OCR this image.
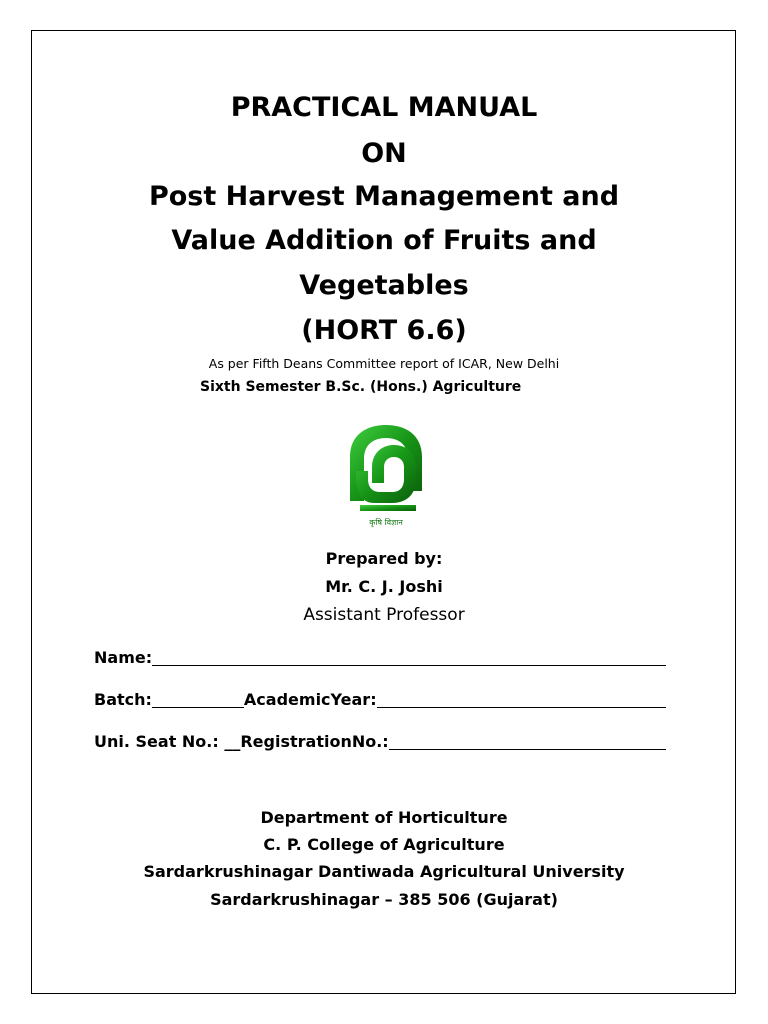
PRACTICAL MANUAL
ON
Post Harvest Management and
Value Addition of Fruits and
Vegetables
(HORT 6.6)
As per Fifth Deans Committee report of ICAR, New Delhi
Sixth Semester B.Sc. (Hons.) Agriculture
कृषि विज्ञान
Prepared by:
Mr. C. J. Joshi
Assistant Professor
Name:
Batch:	AcademicYear:
Uni. Seat No.: __ RegistrationNo.:
Department of Horticulture
C. P. College of Agriculture
Sardarkrushinagar Dantiwada Agricultural University
Sardarkrushinagar – 385 506 (Gujarat)
